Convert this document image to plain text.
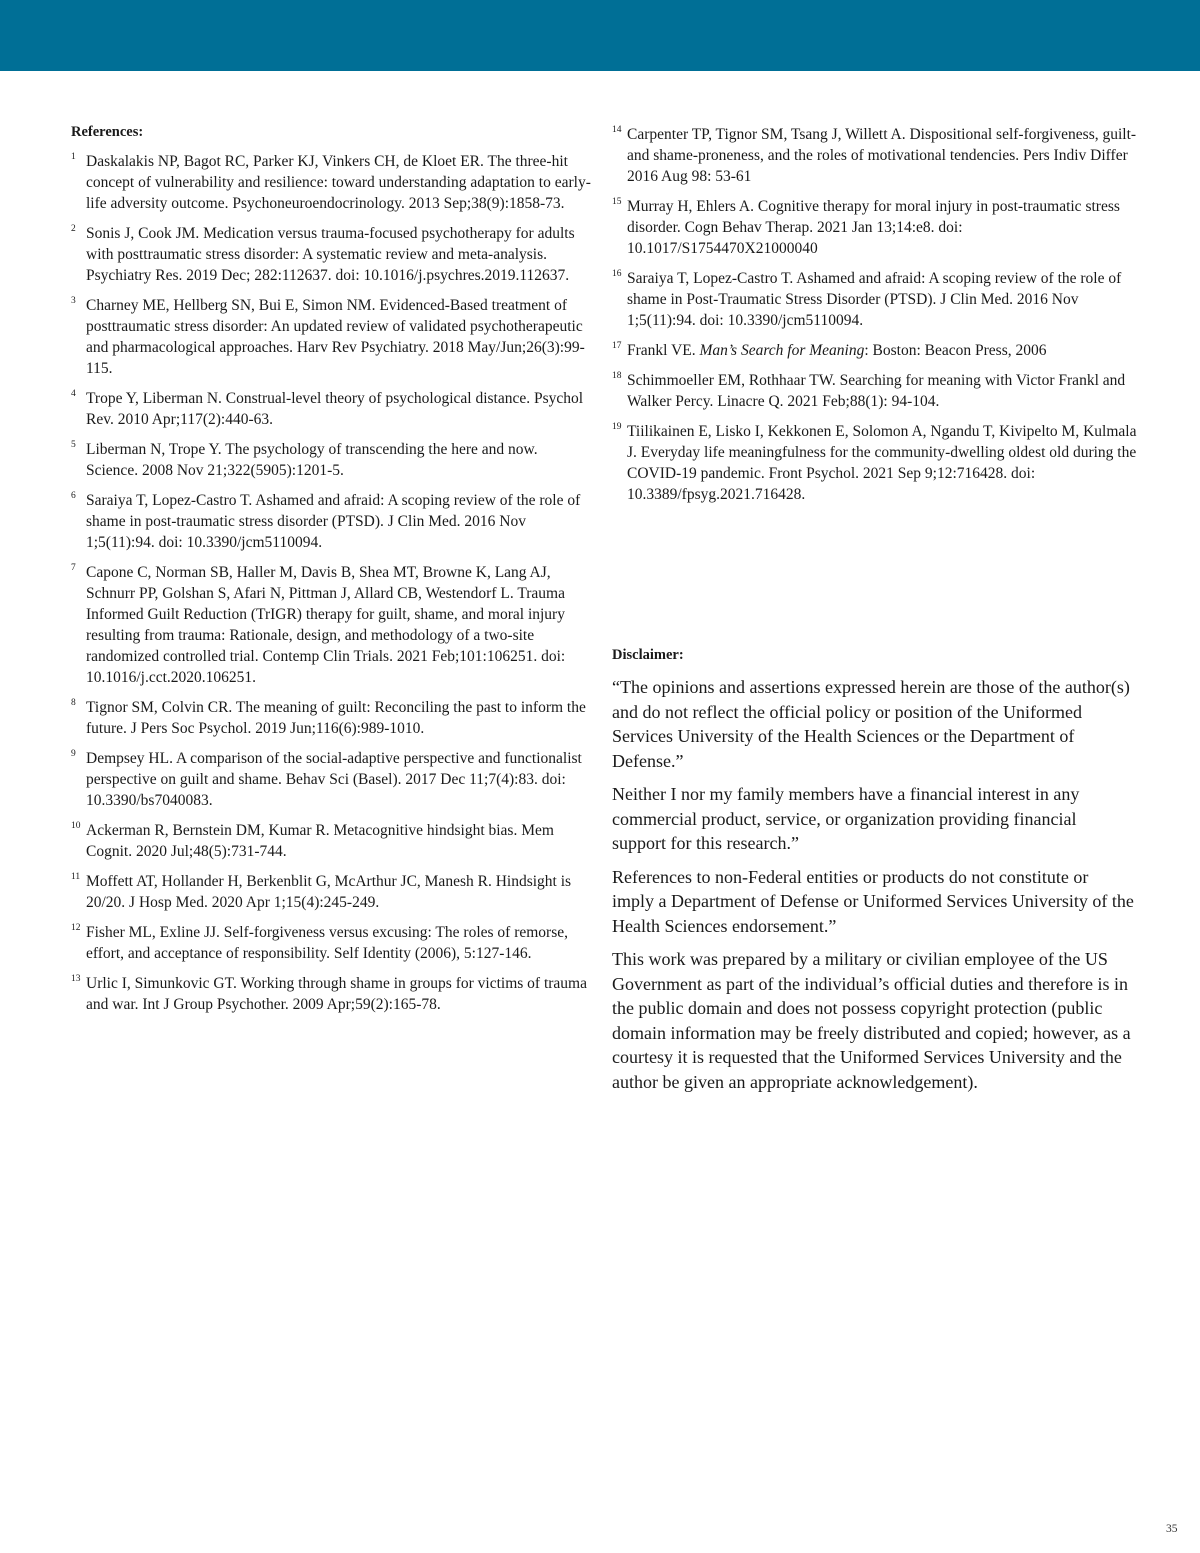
References:
1 Daskalakis NP, Bagot RC, Parker KJ, Vinkers CH, de Kloet ER. The three-hit concept of vulnerability and resilience: toward understanding adaptation to early-life adversity outcome. Psychoneuroendocrinology. 2013 Sep;38(9):1858-73.
2 Sonis J, Cook JM. Medication versus trauma-focused psychotherapy for adults with posttraumatic stress disorder: A systematic review and meta-analysis. Psychiatry Res. 2019 Dec; 282:112637. doi: 10.1016/j.psychres.2019.112637.
3 Charney ME, Hellberg SN, Bui E, Simon NM. Evidenced-Based treatment of posttraumatic stress disorder: An updated review of validated psychotherapeutic and pharmacological approaches. Harv Rev Psychiatry. 2018 May/Jun;26(3):99-115.
4 Trope Y, Liberman N. Construal-level theory of psychological distance. Psychol Rev. 2010 Apr;117(2):440-63.
5 Liberman N, Trope Y. The psychology of transcending the here and now. Science. 2008 Nov 21;322(5905):1201-5.
6 Saraiya T, Lopez-Castro T. Ashamed and afraid: A scoping review of the role of shame in post-traumatic stress disorder (PTSD). J Clin Med. 2016 Nov 1;5(11):94. doi: 10.3390/jcm5110094.
7 Capone C, Norman SB, Haller M, Davis B, Shea MT, Browne K, Lang AJ, Schnurr PP, Golshan S, Afari N, Pittman J, Allard CB, Westendorf L. Trauma Informed Guilt Reduction (TrIGR) therapy for guilt, shame, and moral injury resulting from trauma: Rationale, design, and methodology of a two-site randomized controlled trial. Contemp Clin Trials. 2021 Feb;101:106251. doi: 10.1016/j.cct.2020.106251.
8 Tignor SM, Colvin CR. The meaning of guilt: Reconciling the past to inform the future. J Pers Soc Psychol. 2019 Jun;116(6):989-1010.
9 Dempsey HL. A comparison of the social-adaptive perspective and functionalist perspective on guilt and shame. Behav Sci (Basel). 2017 Dec 11;7(4):83. doi: 10.3390/bs7040083.
10 Ackerman R, Bernstein DM, Kumar R. Metacognitive hindsight bias. Mem Cognit. 2020 Jul;48(5):731-744.
11 Moffett AT, Hollander H, Berkenblit G, McArthur JC, Manesh R. Hindsight is 20/20. J Hosp Med. 2020 Apr 1;15(4):245-249.
12 Fisher ML, Exline JJ. Self-forgiveness versus excusing: The roles of remorse, effort, and acceptance of responsibility. Self Identity (2006), 5:127-146.
13 Urlic I, Simunkovic GT. Working through shame in groups for victims of trauma and war. Int J Group Psychother. 2009 Apr;59(2):165-78.
14 Carpenter TP, Tignor SM, Tsang J, Willett A. Dispositional self-forgiveness, guilt- and shame-proneness, and the roles of motivational tendencies. Pers Indiv Differ 2016 Aug 98: 53-61
15 Murray H, Ehlers A. Cognitive therapy for moral injury in post-traumatic stress disorder. Cogn Behav Therap. 2021 Jan 13;14:e8. doi: 10.1017/S1754470X21000040
16 Saraiya T, Lopez-Castro T. Ashamed and afraid: A scoping review of the role of shame in Post-Traumatic Stress Disorder (PTSD). J Clin Med. 2016 Nov 1;5(11):94. doi: 10.3390/jcm5110094.
17 Frankl VE. Man’s Search for Meaning: Boston: Beacon Press, 2006
18 Schimmoeller EM, Rothhaar TW. Searching for meaning with Victor Frankl and Walker Percy. Linacre Q. 2021 Feb;88(1): 94-104.
19 Tiilikainen E, Lisko I, Kekkonen E, Solomon A, Ngandu T, Kivipelto M, Kulmala J. Everyday life meaningfulness for the community-dwelling oldest old during the COVID-19 pandemic. Front Psychol. 2021 Sep 9;12:716428. doi: 10.3389/fpsyg.2021.716428.
Disclaimer:

“The opinions and assertions expressed herein are those of the author(s) and do not reflect the official policy or position of the Uniformed Services University of the Health Sciences or the Department of Defense.”

Neither I nor my family members have a financial interest in any commercial product, service, or organization providing financial support for this research.”

References to non-Federal entities or products do not constitute or imply a Department of Defense or Uniformed Services University of the Health Sciences endorsement.”

This work was prepared by a military or civilian employee of the US Government as part of the individual’s official duties and therefore is in the public domain and does not possess copyright protection (public domain information may be freely distributed and copied; however, as a courtesy it is requested that the Uniformed Services University and the author be given an appropriate acknowledgement).

35
